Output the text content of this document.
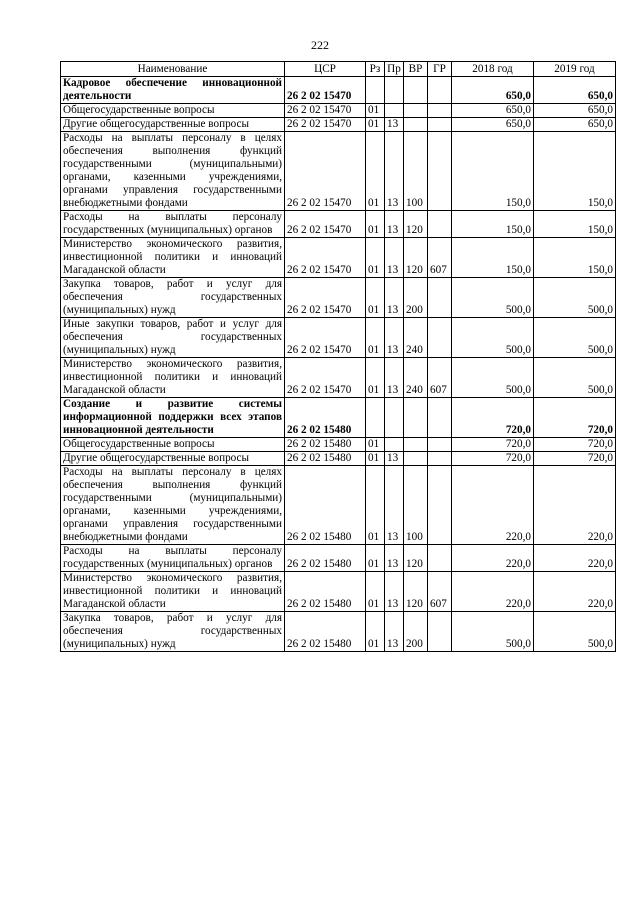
222
Наименование	ЦСР	Рз	Пр	ВР	ГР	2018 год	2019 год
Кадровое обеспечение инновационной деятельности	26 2 02 15470					650,0	650,0
Общегосударственные вопросы	26 2 02 15470	01				650,0	650,0
Другие общегосударственные вопросы	26 2 02 15470	01	13			650,0	650,0
Расходы на выплаты персоналу в целях обеспечения выполнения функций государственными (муниципальными) органами, казенными учреждениями, органами управления государственными внебюджетными фондами	26 2 02 15470	01	13	100		150,0	150,0
Расходы на выплаты персоналу государственных (муниципальных) органов	26 2 02 15470	01	13	120		150,0	150,0
Министерство экономического развития, инвестиционной политики и инноваций Магаданской области	26 2 02 15470	01	13	120	607	150,0	150,0
Закупка товаров, работ и услуг для обеспечения государственных (муниципальных) нужд	26 2 02 15470	01	13	200		500,0	500,0
Иные закупки товаров, работ и услуг для обеспечения государственных (муниципальных) нужд	26 2 02 15470	01	13	240		500,0	500,0
Министерство экономического развития, инвестиционной политики и инноваций Магаданской области	26 2 02 15470	01	13	240	607	500,0	500,0
Создание и развитие системы информационной поддержки всех этапов инновационной деятельности	26 2 02 15480					720,0	720,0
Общегосударственные вопросы	26 2 02 15480	01				720,0	720,0
Другие общегосударственные вопросы	26 2 02 15480	01	13			720,0	720,0
Расходы на выплаты персоналу в целях обеспечения выполнения функций государственными (муниципальными) органами, казенными учреждениями, органами управления государственными внебюджетными фондами	26 2 02 15480	01	13	100		220,0	220,0
Расходы на выплаты персоналу государственных (муниципальных) органов	26 2 02 15480	01	13	120		220,0	220,0
Министерство экономического развития, инвестиционной политики и инноваций Магаданской области	26 2 02 15480	01	13	120	607	220,0	220,0
Закупка товаров, работ и услуг для обеспечения государственных (муниципальных) нужд	26 2 02 15480	01	13	200		500,0	500,0
